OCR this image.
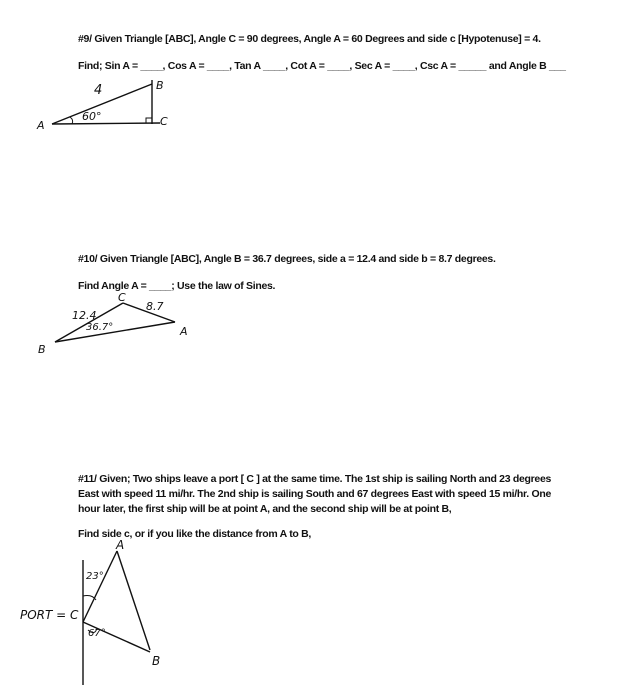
#9/ Given Triangle [ABC], Angle C = 90 degrees, Angle A = 60 Degrees and side c [Hypotenuse] = 4.
Find; Sin A = ____, Cos A = ____, Tan A ____, Cot A = ____, Sec A = ____, Csc A = _____ and Angle B ___
4
60°
A
B
C
#10/ Given Triangle [ABC], Angle B = 36.7 degrees, side a = 12.4 and side b = 8.7 degrees.
Find Angle A = ____; Use the law of Sines.
12.4
8.7
36.7°
B
C
A
#11/ Given; Two ships leave a port [ C ] at the same time. The 1st ship is sailing North and 23 degrees
East with speed 11 mi/hr. The 2nd ship is sailing South and 67 degrees East with speed 15 mi/hr. One
hour later, the first ship will be at point A, and the second ship will be at point B,
Find side c, or if you like the distance from A to B,
A
B
23°
67°
PORT = C
